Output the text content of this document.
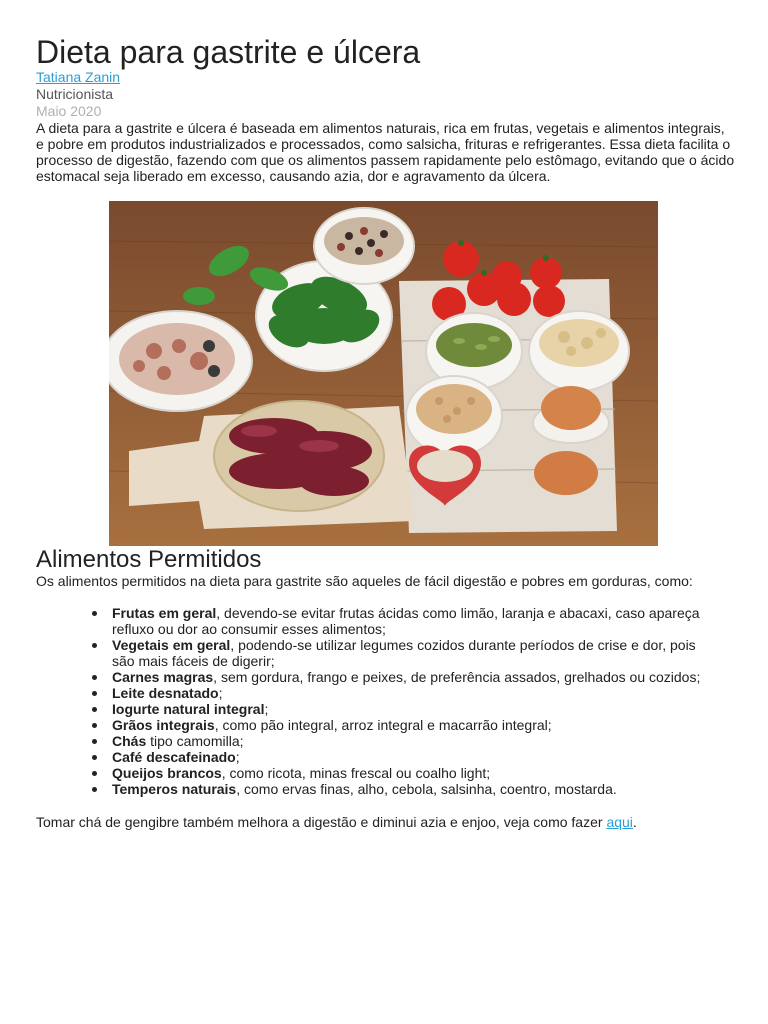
Dieta para gastrite e úlcera
Tatiana Zanin
Nutricionista
Maio 2020

A dieta para a gastrite e úlcera é baseada em alimentos naturais, rica em frutas, vegetais e alimentos integrais, e pobre em produtos industrializados e processados, como salsicha, frituras e refrigerantes. Essa dieta facilita o processo de digestão, fazendo com que os alimentos passem rapidamente pelo estômago, evitando que o ácido estomacal seja liberado em excesso, causando azia, dor e agravamento da úlcera.

Alimentos Permitidos

Os alimentos permitidos na dieta para gastrite são aqueles de fácil digestão e pobres em gorduras, como:

Frutas em geral, devendo-se evitar frutas ácidas como limão, laranja e abacaxi, caso apareça refluxo ou dor ao consumir esses alimentos;
Vegetais em geral, podendo-se utilizar legumes cozidos durante períodos de crise e dor, pois são mais fáceis de digerir;
Carnes magras, sem gordura, frango e peixes, de preferência assados, grelhados ou cozidos;
Leite desnatado;
Iogurte natural integral;
Grãos integrais, como pão integral, arroz integral e macarrão integral;
Chás tipo camomilla;
Café descafeinado;
Queijos brancos, como ricota, minas frescal ou coalho light;
Temperos naturais, como ervas finas, alho, cebola, salsinha, coentro, mostarda.

Tomar chá de gengibre também melhora a digestão e diminui azia e enjoo, veja como fazer aqui.
